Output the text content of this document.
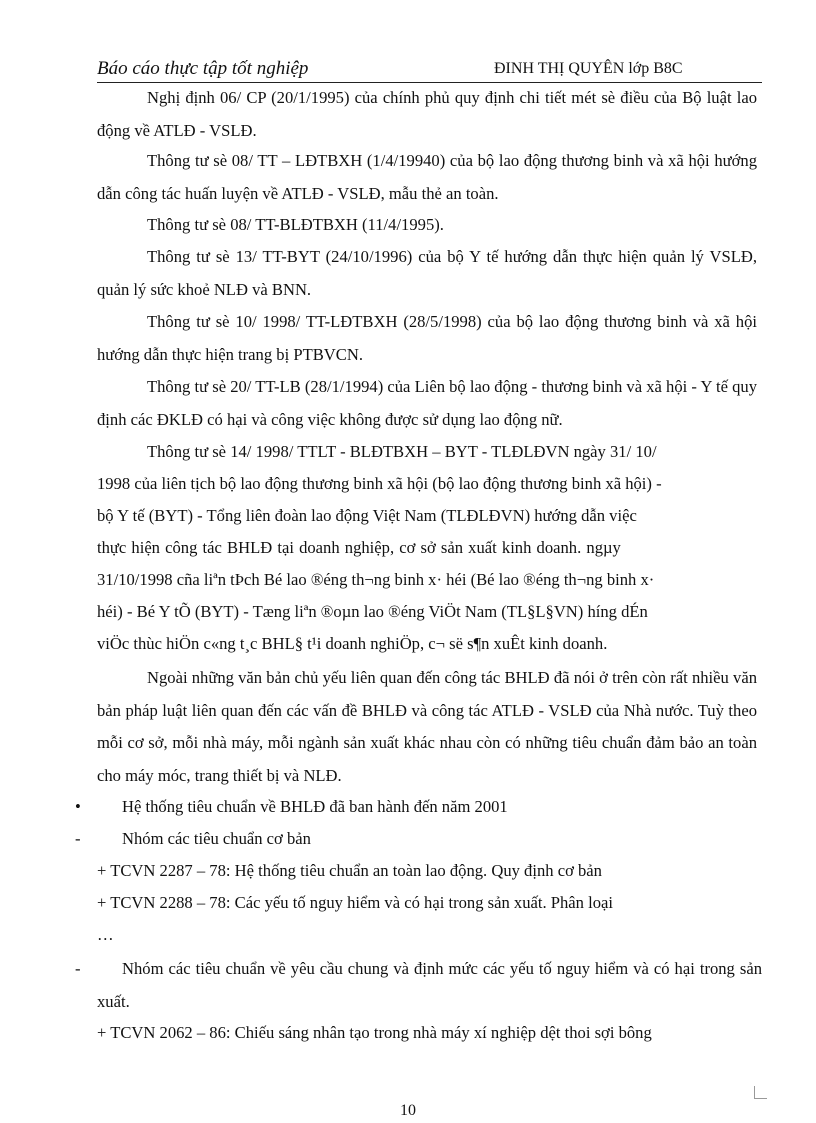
Báo cáo thực tập tốt nghiệp	ĐINH THỊ QUYÊN lớp B8C

Nghị định 06/ CP (20/1/1995) của chính phủ quy định chi tiết mét sè điều của Bộ luật lao động về ATLĐ - VSLĐ.

Thông tư sè 08/ TT – LĐTBXH (1/4/19940) của bộ lao động thương binh và xã hội hướng dẫn công tác huấn luyện về ATLĐ - VSLĐ, mẫu thẻ an toàn.

Thông tư sè 08/ TT-BLĐTBXH (11/4/1995).

Thông tư sè 13/ TT-BYT (24/10/1996) của bộ Y tế hướng dẫn thực hiện quản lý VSLĐ, quản lý sức khoẻ NLĐ và BNN.

Thông tư sè 10/ 1998/ TT-LĐTBXH (28/5/1998) của bộ lao động thương binh và xã hội hướng dẫn thực hiện trang bị PTBVCN.

Thông tư sè 20/ TT-LB (28/1/1994) của Liên bộ lao động - thương binh và xã hội - Y tế quy định các ĐKLĐ có hại và công việc không được sử dụng lao động nữ.

Thông tư sè 14/ 1998/ TTLT - BLĐTBXH – BYT - TLĐLĐVN ngày 31/ 10/
1998 của liên tịch bộ lao động thương binh xã hội (bộ lao động thương binh xã hội) -
bộ Y tế (BYT) - Tổng liên đoàn lao động Việt Nam (TLĐLĐVN) hướng dẫn việc
thực hiện công tác BHLĐ tại doanh nghiệp, cơ sở sản xuất kinh doanh. ngµy
31/10/1998 cña liªn tÞch Bé lao ®éng th¬ng binh x· héi (Bé lao ®éng th¬ng binh x·
héi) - Bé Y tÕ (BYT) - Tæng liªn ®oµn lao ®éng ViÖt Nam (TL§L§VN) híng dÉn
viÖc thùc hiÖn c«ng t¸c BHL§ t¹i doanh nghiÖp, c¬ së s¶n xuÊt kinh doanh.

Ngoài những văn bản chủ yếu liên quan đến công tác BHLĐ đã nói ở trên còn rất nhiều văn bản pháp luật liên quan đến các vấn đề BHLĐ và công tác ATLĐ - VSLĐ của Nhà nước. Tuỳ theo mỗi cơ sở, mỗi nhà máy, mỗi ngành sản xuất khác nhau còn có những tiêu chuẩn đảm bảo an toàn cho máy móc, trang thiết bị và NLĐ.

• Hệ thống tiêu chuẩn về BHLĐ đã ban hành đến năm 2001
- Nhóm các tiêu chuẩn cơ bản
+ TCVN 2287 – 78: Hệ thống tiêu chuẩn an toàn lao động. Quy định cơ bản
+ TCVN 2288 – 78: Các yếu tố nguy hiểm và có hại trong sản xuất. Phân loại
…
-	Nhóm các tiêu chuẩn về yêu cầu chung và định mức các yếu tố nguy hiểm và có hại trong sản xuất.

+ TCVN 2062 – 86: Chiếu sáng nhân tạo trong nhà máy xí nghiệp dệt thoi sợi bông
10
